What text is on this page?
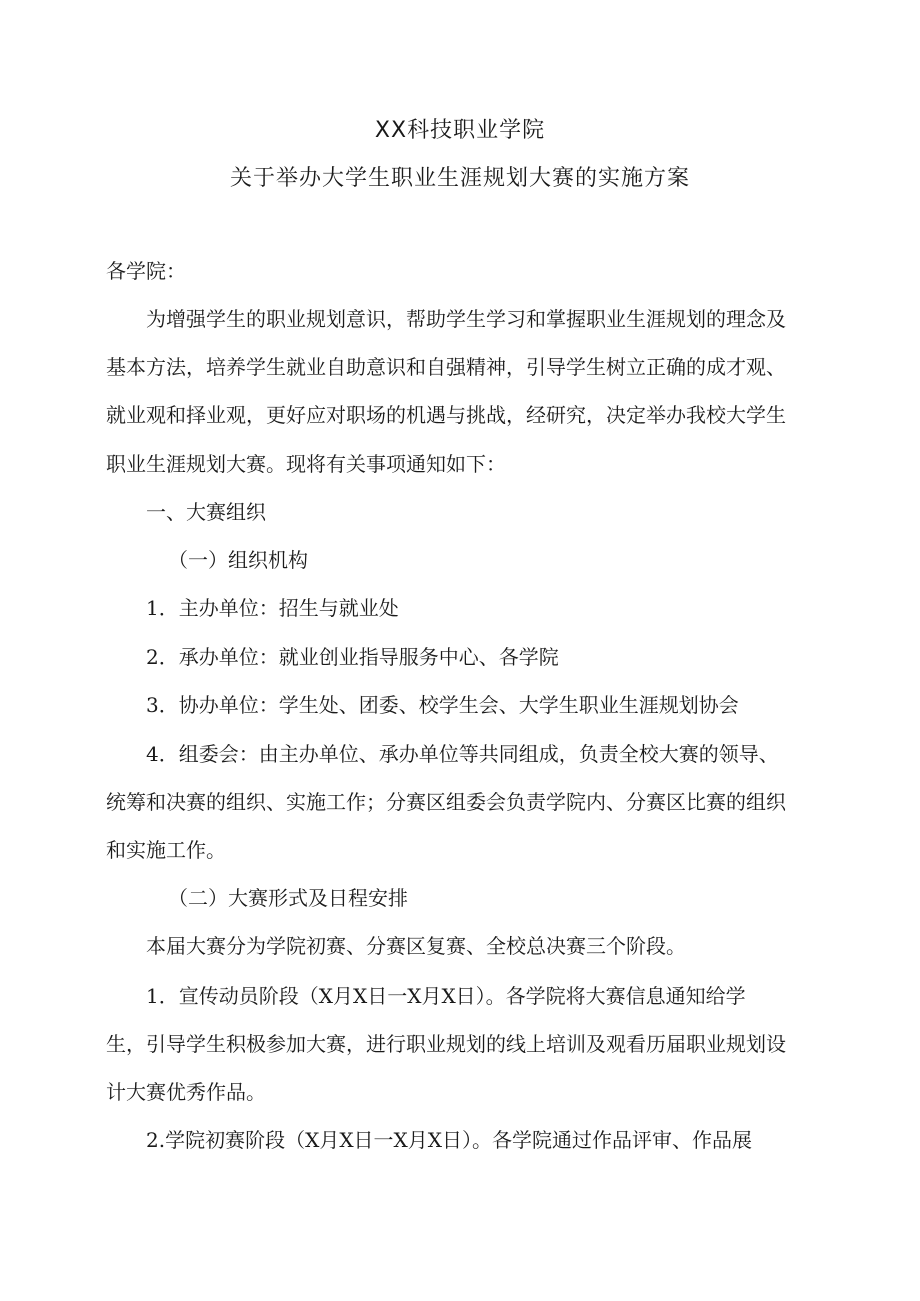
XX科技职业学院
关于举办大学生职业生涯规划大赛的实施方案
各学院：
为增强学生的职业规划意识，帮助学生学习和掌握职业生涯规划的理念及
基本方法，培养学生就业自助意识和自强精神，引导学生树立正确的成才观、
就业观和择业观，更好应对职场的机遇与挑战，经研究，决定举办我校大学生
职业生涯规划大赛。现将有关事项通知如下：
一、大赛组织
（一）组织机构
1．主办单位：招生与就业处
2．承办单位：就业创业指导服务中心、各学院
3．协办单位：学生处、团委、校学生会、大学生职业生涯规划协会
4．组委会：由主办单位、承办单位等共同组成，负责全校大赛的领导、
统筹和决赛的组织、实施工作；分赛区组委会负责学院内、分赛区比赛的组织
和实施工作。
（二）大赛形式及日程安排
本届大赛分为学院初赛、分赛区复赛、全校总决赛三个阶段。
1．宣传动员阶段（X月X日一X月X日）。各学院将大赛信息通知给学
生，引导学生积极参加大赛，进行职业规划的线上培训及观看历届职业规划设
计大赛优秀作品。
2.学院初赛阶段（X月X日一X月X日）。各学院通过作品评审、作品展
